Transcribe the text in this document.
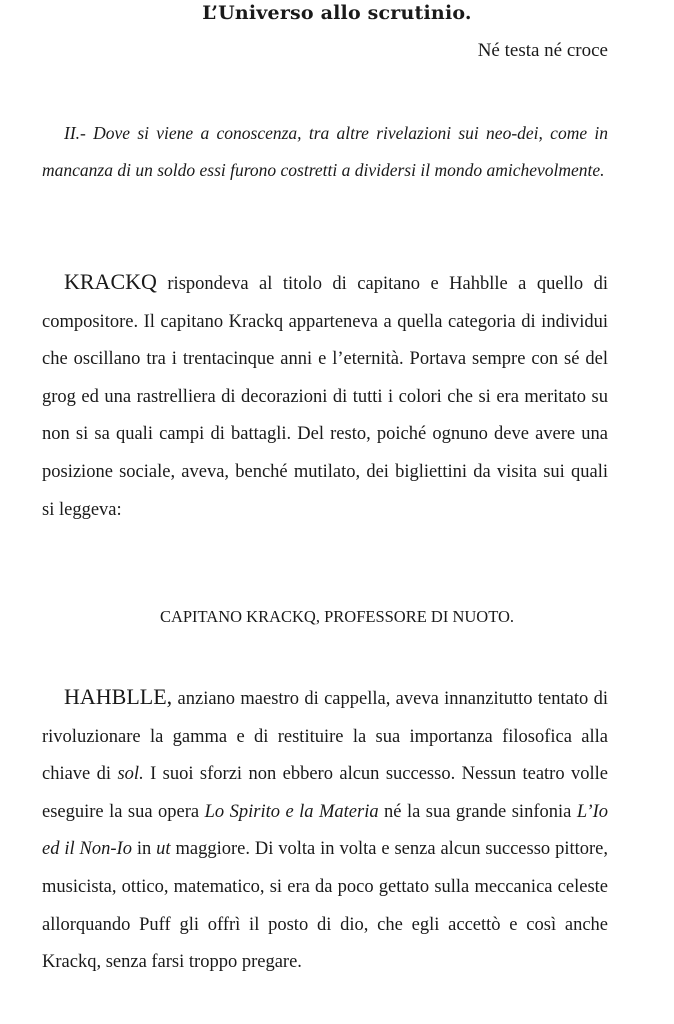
L’Universo allo scrutinio.
Né testa né croce
II.- Dove si viene a conoscenza, tra altre rivelazioni sui neo-dei, come in mancanza di un soldo essi furono costretti a dividersi il mondo amichevolmente.

KRACKQ rispondeva al titolo di capitano e Hahblle a quello di compositore. Il capitano Krackq apparteneva a quella categoria di individui che oscillano tra i trentacinque anni e l’eternità. Portava sempre con sé del grog ed una rastrelliera di decorazioni di tutti i colori che si era meritato su non si sa quali campi di battagli. Del resto, poiché ognuno deve avere una posizione sociale, aveva, benché mutilato, dei bigliettini da visita sui quali si leggeva:

CAPITANO KRACKQ, PROFESSORE DI NUOTO.

HAHBLLE, anziano maestro di cappella, aveva innanzitutto tentato di rivoluzionare la gamma e di restituire la sua importanza filosofica alla chiave di sol. I suoi sforzi non ebbero alcun successo. Nessun teatro volle eseguire la sua opera Lo Spirito e la Materia né la sua grande sinfonia L’Io ed il Non-Io in ut maggiore. Di volta in volta e senza alcun successo pittore, musicista, ottico, matematico, si era da poco gettato sulla meccanica celeste allorquando Puff gli offrì il posto di dio, che egli accettò e così anche Krackq, senza farsi troppo pregare.
